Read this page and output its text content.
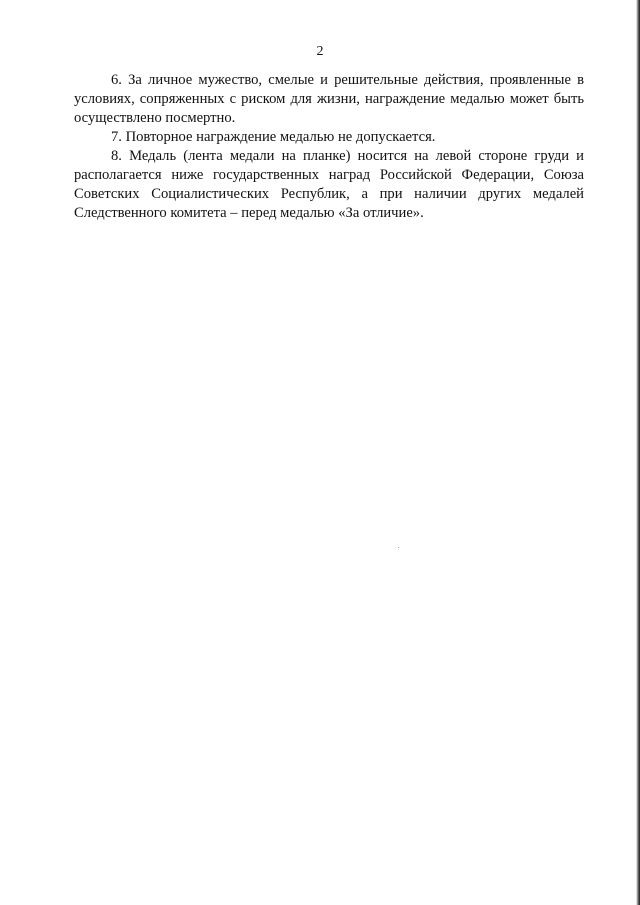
2

6. За личное мужество, смелые и решительные действия, проявленные в условиях, сопряженных с риском для жизни, награждение медалью может быть осуществлено посмертно.

7. Повторное награждение медалью не допускается.

8. Медаль (лента медали на планке) носится на левой стороне груди и располагается ниже государственных наград Российской Федерации, Союза Советских Социалистических Республик, а при наличии других медалей Следственного комитета – перед медалью «За отличие».
